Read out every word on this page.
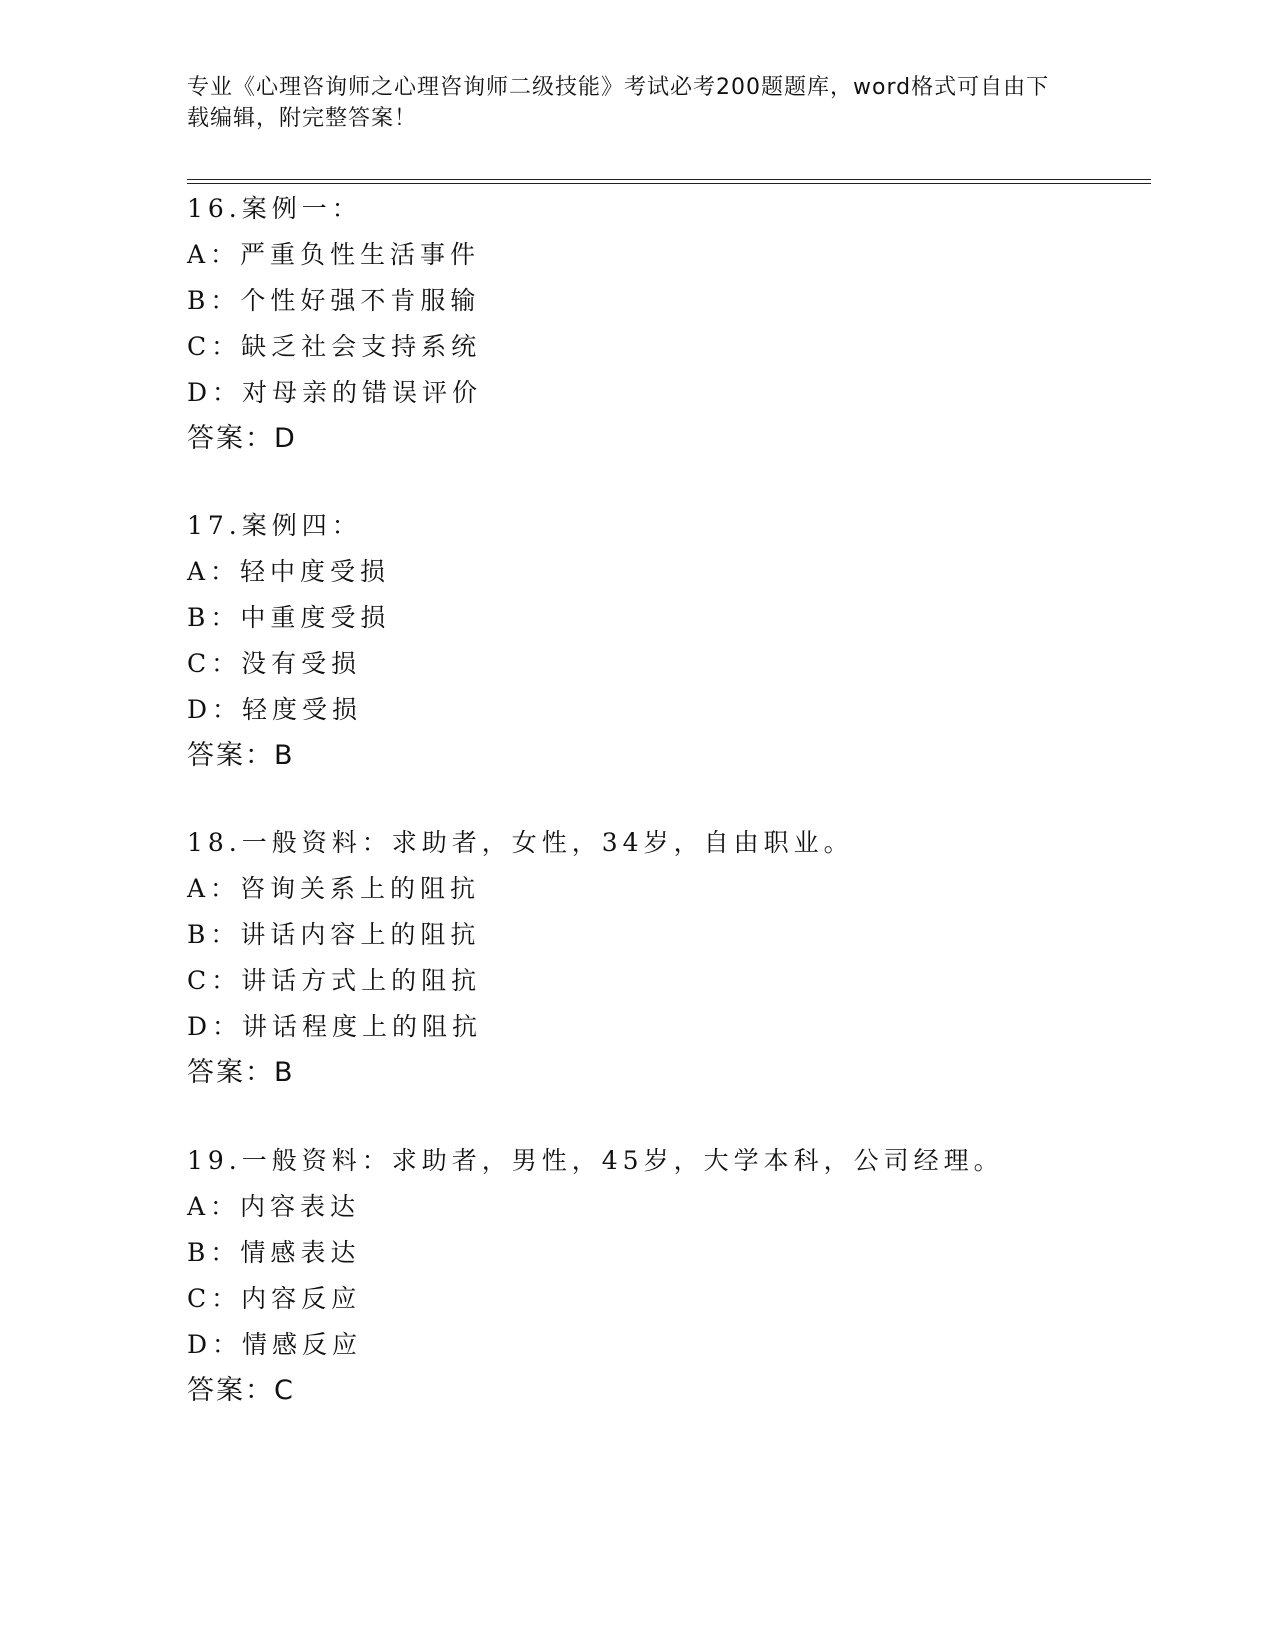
专业《心理咨询师之心理咨询师二级技能》考试必考200题题库，word格式可自由下载编辑，附完整答案！
16.案例一：
A：严重负性生活事件
B：个性好强不肯服输
C：缺乏社会支持系统
D：对母亲的错误评价
答案：D
17.案例四：
A：轻中度受损
B：中重度受损
C：没有受损
D：轻度受损
答案：B
18.一般资料：求助者，女性，34岁，自由职业。
A：咨询关系上的阻抗
B：讲话内容上的阻抗
C：讲话方式上的阻抗
D：讲话程度上的阻抗
答案：B
19.一般资料：求助者，男性，45岁，大学本科，公司经理。
A：内容表达
B：情感表达
C：内容反应
D：情感反应
答案：C
